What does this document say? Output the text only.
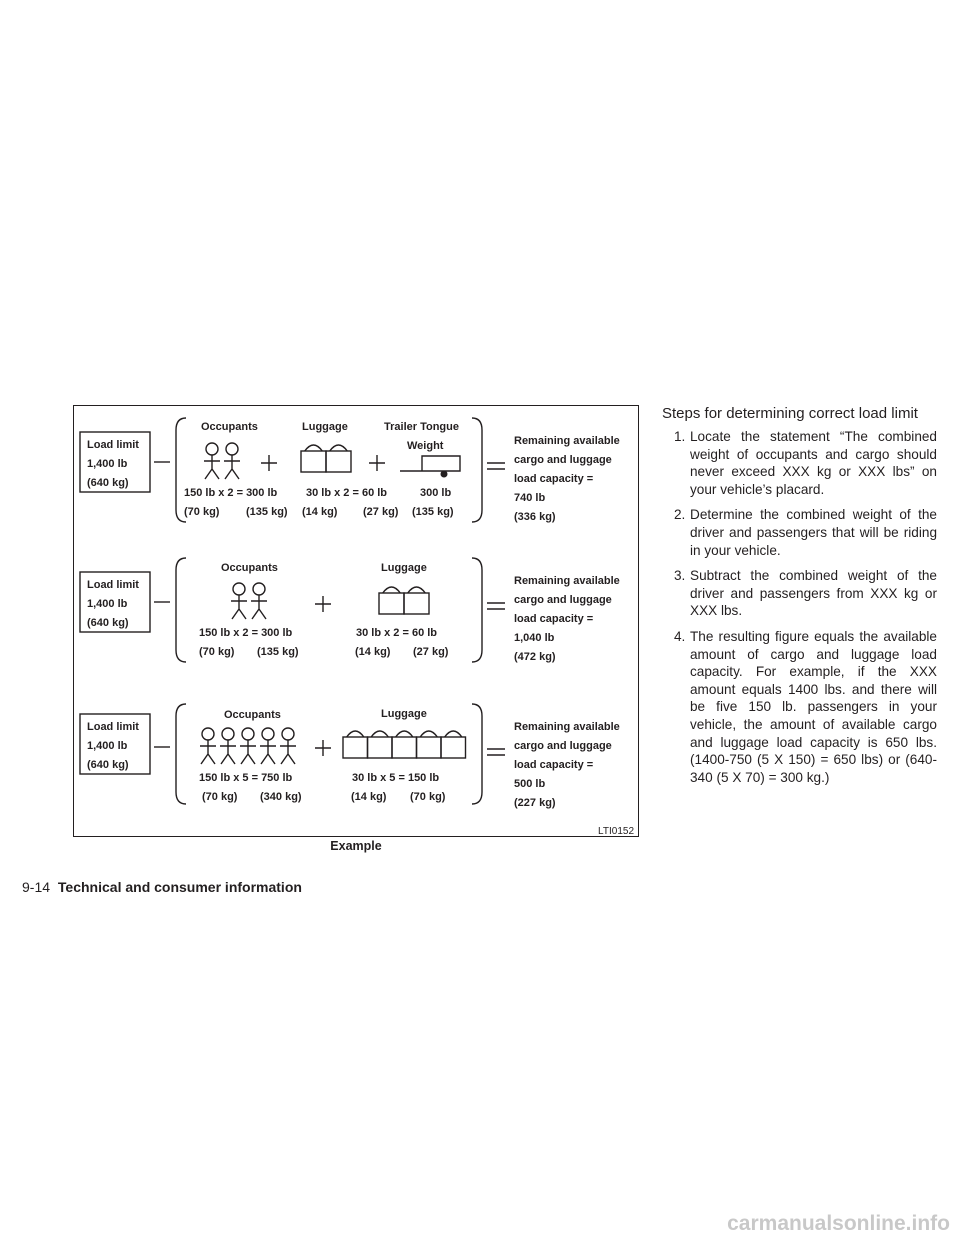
Load limit
1,400 lb
(640 kg)
Occupants
150 lb x 2 = 300 lb
(70 kg) (135 kg)
Luggage
30 lb x 2 = 60 lb
(14 kg) (27 kg)
Trailer Tongue
Weight
300 lb
(135 kg)
Remaining available
cargo and luggage
load capacity =
740 lb
(336 kg)
Load limit
1,400 lb
(640 kg)
Occupants
150 lb x 2 = 300 lb
(70 kg) (135 kg)
Luggage
30 lb x 2 = 60 lb
(14 kg) (27 kg)
Remaining available
cargo and luggage
load capacity =
1,040 lb
(472 kg)
Load limit
1,400 lb
(640 kg)
Occupants
150 lb x 5 = 750 lb
(70 kg) (340 kg)
Luggage
30 lb x 5 = 150 lb
(14 kg) (70 kg)
Remaining available
cargo and luggage
load capacity =
500 lb
(227 kg)
LTI0152
Example
Steps for determining correct load limit
1. Locate the statement “The combined weight of occupants and cargo should never exceed XXX kg or XXX lbs” on your vehicle’s placard.
2. Determine the combined weight of the driver and passengers that will be riding in your vehicle.
3. Subtract the combined weight of the driver and passengers from XXX kg or XXX lbs.
4. The resulting figure equals the available amount of cargo and luggage load capacity. For example, if the XXX amount equals 1400 lbs. and there will be five 150 lb. passengers in your vehicle, the amount of available cargo and luggage load capacity is 650 lbs. (1400-750 (5 X 150) = 650 lbs) or (640-340 (5 X 70) = 300 kg.)
9-14 Technical and consumer information
carmanualsonline.info
